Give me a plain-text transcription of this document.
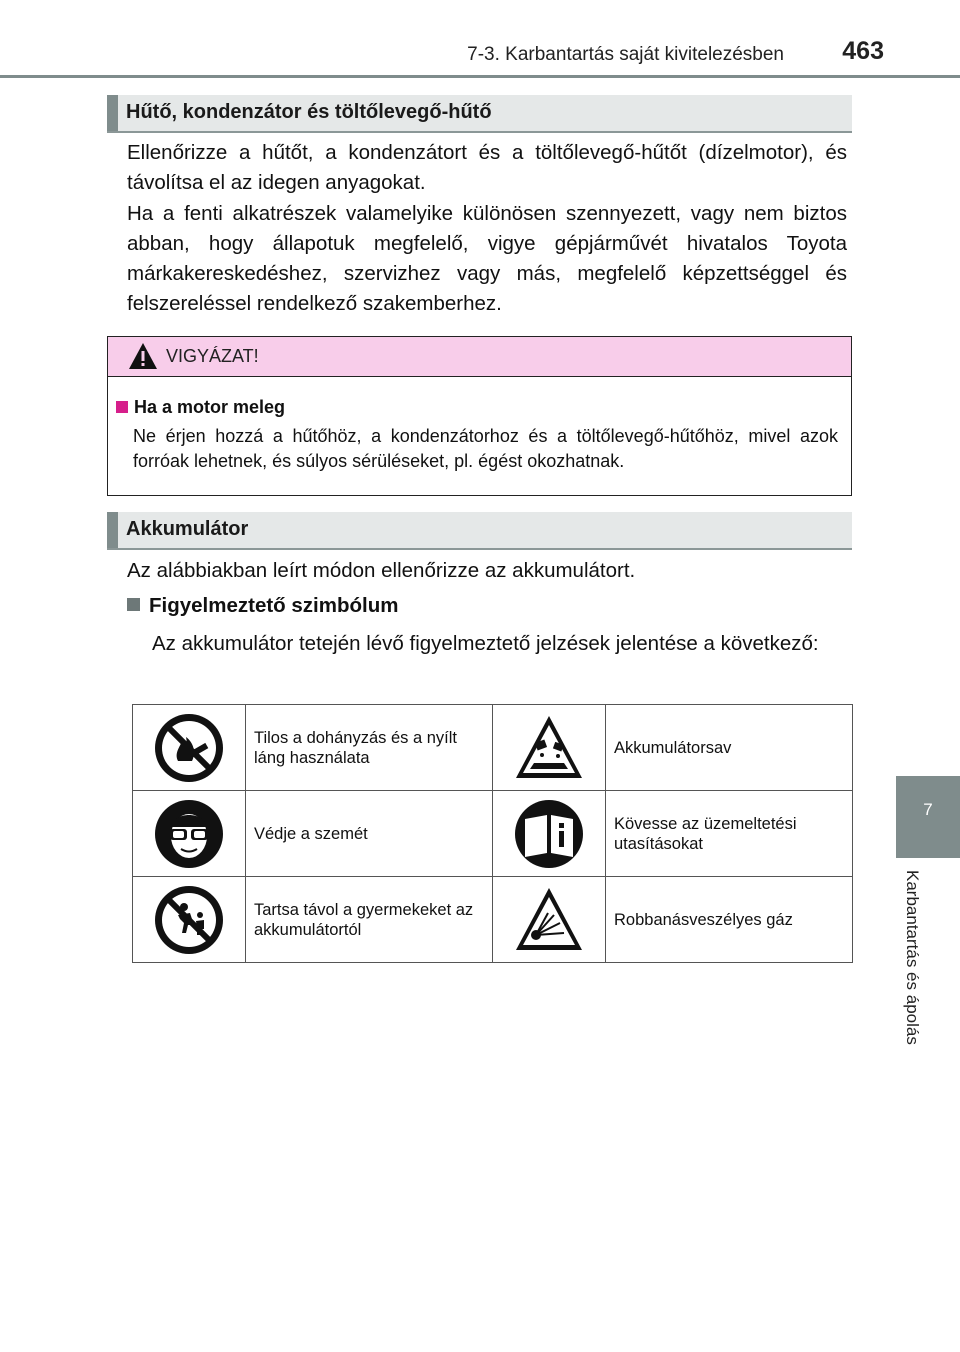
7-3. Karbantartás saját kivitelezésben 463
7
Karbantartás és ápolás
Hűtő, kondenzátor és töltőlevegő-hűtő
Ellenőrizze a hűtőt, a kondenzátort és a töltőlevegő-hűtőt (dízelmotor), és távolítsa el az idegen anyagokat.
Ha a fenti alkatrészek valamelyike különösen szennyezett, vagy nem biztos abban, hogy állapotuk megfelelő, vigye gépjárművét hivatalos Toyota márkakereskedéshez, szervizhez vagy más, megfelelő képzettséggel és felszereléssel rendelkező szakemberhez.
VIGYÁZAT!
Ha a motor meleg
Ne érjen hozzá a hűtőhöz, a kondenzátorhoz és a töltőlevegő-hűtőhöz, mivel azok forróak lehetnek, és súlyos sérüléseket, pl. égést okozhatnak.
Akkumulátor
Az alábbiakban leírt módon ellenőrizze az akkumulátort.
Figyelmeztető szimbólum
Az akkumulátor tetején lévő figyelmeztető jelzések jelentése a következő:
	Tilos a dohányzás és a nyílt láng használata		Akkumulátorsav

	Védje a szemét		Kövesse az üzemeltetési utasításokat

	Tartsa távol a gyermekeket az akkumulátortól		Robbanásveszélyes gáz
